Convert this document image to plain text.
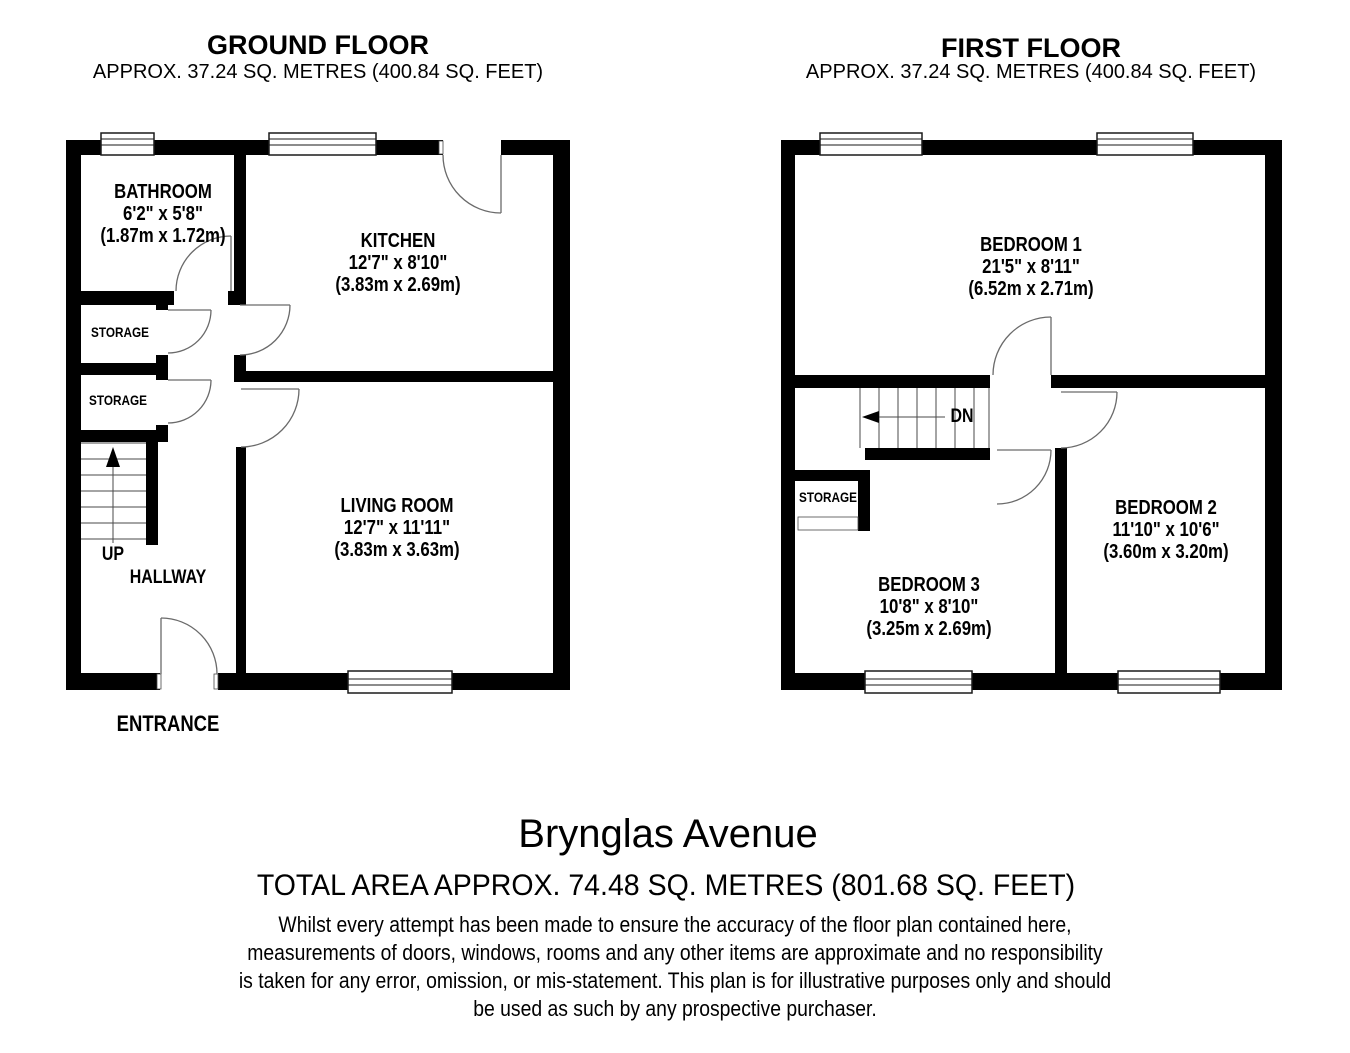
GROUND FLOOR
APPROX. 37.24 SQ. METRES (400.84 SQ. FEET)
FIRST FLOOR
APPROX. 37.24 SQ. METRES (400.84 SQ. FEET)
BATHROOM
6'2" x 5'8"
(1.87m x 1.72m)	KITCHEN
12'7" x 8'10"
(3.83m x 2.69m)
LIVING ROOM
12'7" x 11'11"
(3.83m x 3.63m)
STORAGE
STORAGE
UP
HALLWAY
ENTRANCE
BEDROOM 1
21'5" x 8'11"
(6.52m x 2.71m)
BEDROOM 2
11'10" x 10'6"
(3.60m x 3.20m)
BEDROOM 3
10'8" x 8'10"
(3.25m x 2.69m)
STORAGE
DN
Brynglas Avenue
TOTAL AREA APPROX. 74.48 SQ. METRES (801.68 SQ. FEET)
Whilst every attempt has been made to ensure the accuracy of the floor plan contained here,
measurements of doors, windows, rooms and any other items are approximate and no responsibility
is taken for any error, omission, or mis-statement. This plan is for illustrative purposes only and should
be used as such by any prospective purchaser.
